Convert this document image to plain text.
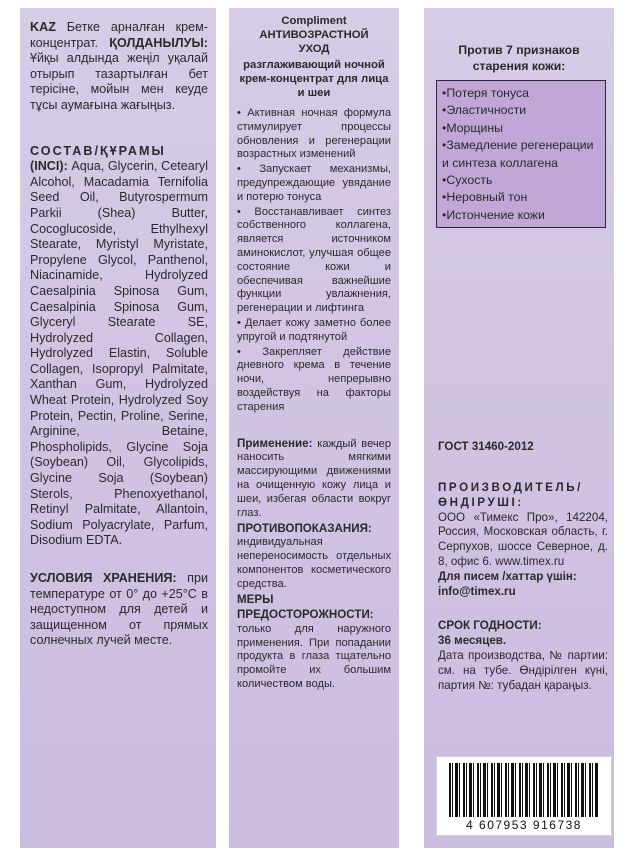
KAZ Бетке арналған крем-концентрат. ҚОЛДАНЫЛУЫ: Ұйқы алдында жеңіл уқалай отырып тазартылған бет терісіне, мойын мен кеуде тұсы аумағына жағыңыз.
СОСТАВ/ҚҰРАМЫ
(INCI): Aqua, Glycerin, Cetearyl Alcohol, Macadamia Ternifolia Seed Oil, Butyrospermum Parkii (Shea) Butter, Cocoglucoside, Ethylhexyl Stearate, Myristyl Myristate, Propylene Glycol, Panthenol, Niacinamide, Hydrolyzed Caesalpinia Spinosa Gum, Caesalpinia Spinosa Gum, Glyceryl Stearate SE, Hydrolyzed Collagen, Hydrolyzed Elastin, Soluble Collagen, Isopropyl Palmitate, Xanthan Gum, Hydrolyzed Wheat Protein, Hydrolyzed Soy Protein, Pectin, Proline, Serine, Arginine, Betaine, Phospholipids, Glycine Soja (Soybean) Oil, Glycolipids, Glycine Soja (Soybean) Sterols, Phenoxyethanol, Retinyl Palmitate, Allantoin, Sodium Polyacrylate, Parfum, Disodium EDTA.
УСЛОВИЯ ХРАНЕНИЯ: при температуре от 0° до +25°С в недоступном для детей и защищенном от прямых солнечных лучей месте.
Compliment
АНТИВОЗРАСТНОЙ
УХОД
разглаживающий ночной крем-концентрат для лица и шеи
• Активная ночная формула стимулирует процессы обновления и регенерации возрастных изменений
• Запускает механизмы, предупреждающие увядание и потерю тонуса
• Восстанавливает синтез собственного коллагена, является источником аминокислот, улучшая общее состояние кожи и обеспечивая важнейшие функции увлажнения, регенерации и лифтинга
• Делает кожу заметно более упругой и подтянутой
• Закрепляет действие дневного крема в течение ночи, непрерывно воздействуя на факторы старения
Применение: каждый вечер наносить мягкими массирующими движениями на очищенную кожу лица и шеи, избегая области вокруг глаз.
ПРОТИВОПОКАЗАНИЯ:
индивидуальная непереносимость отдельных компонентов косметического средства.
МЕРЫ ПРЕДОСТОРОЖНОСТИ: только для наружного применения. При попадании продукта в глаза тщательно промойте их большим количеством воды.
Против 7 признаков старения кожи:
• Потеря тонуса
• Эластичности
• Морщины
• Замедление регенерации и синтеза коллагена
• Сухость
• Неровный тон
• Истончение кожи
ГОСТ 31460-2012
ПРОИЗВОДИТЕЛЬ/ӨНДІРУШІ:
ООО «Тимекс Про», 142204, Россия, Московская область, г. Серпухов, шоссе Северное, д. 8, офис 6. www.timex.ru
Для писем /хаттар үшін:
info@timex.ru
СРОК ГОДНОСТИ:
36 месяцев.
Дата производства, № партии: см. на тубе. Өндірілген күні, партия №: тубадан қараңыз.
4 607953 916738
